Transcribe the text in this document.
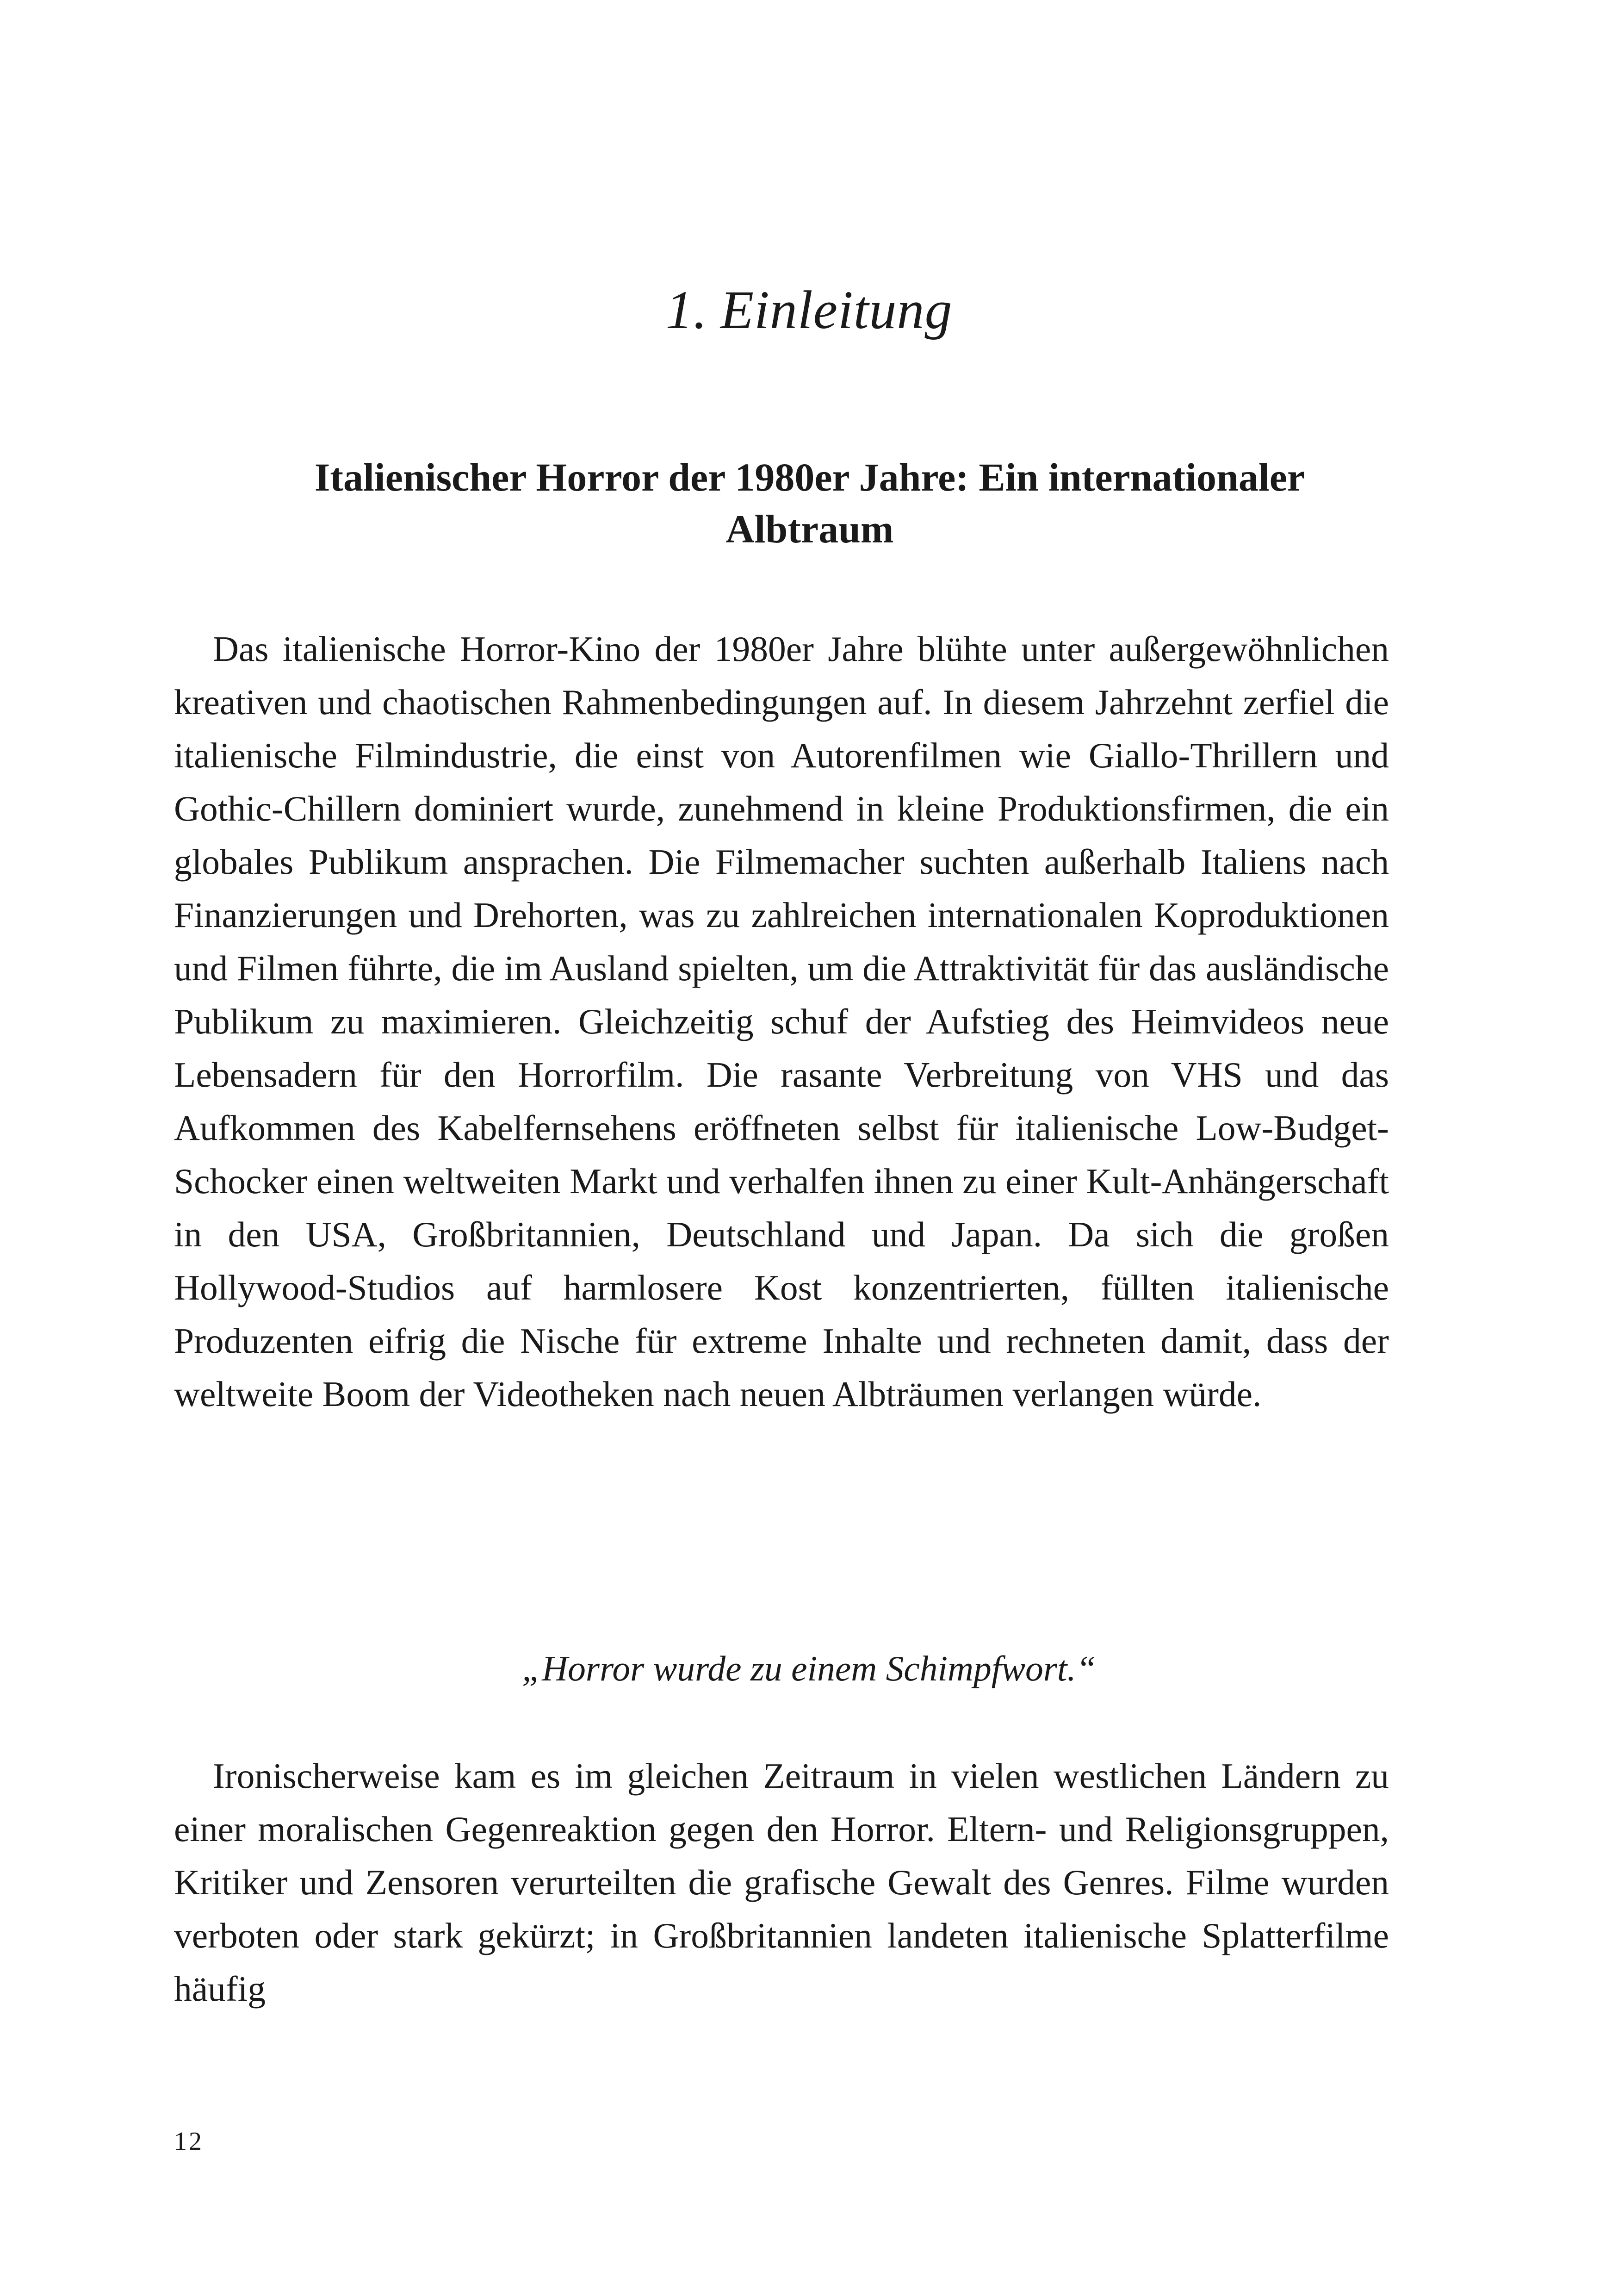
1. Einleitung
Italienischer Horror der 1980er Jahre: Ein internationaler Albtraum

Das italienische Horror-Kino der 1980er Jahre blühte unter außergewöhnlichen kreativen und chaotischen Rahmenbedingungen auf. In diesem Jahrzehnt zerfiel die italienische Filmindustrie, die einst von Autorenfilmen wie Giallo-Thrillern und Gothic-Chillern dominiert wurde, zunehmend in kleine Produktionsfirmen, die ein globales Publikum ansprachen. Die Filmemacher suchten außerhalb Italiens nach Finanzierungen und Drehorten, was zu zahlreichen internationalen Koproduktionen und Filmen führte, die im Ausland spielten, um die Attraktivität für das ausländische Publikum zu maximieren. Gleichzeitig schuf der Aufstieg des Heimvideos neue Lebensadern für den Horrorfilm. Die rasante Verbreitung von VHS und das Aufkommen des Kabelfernsehens eröffneten selbst für italienische Low-Budget-Schocker einen weltweiten Markt und verhalfen ihnen zu einer Kult-Anhängerschaft in den USA, Großbritannien, Deutschland und Japan. Da sich die großen Hollywood-Studios auf harmlosere Kost konzentrierten, füllten italienische Produzenten eifrig die Nische für extreme Inhalte und rechneten damit, dass der weltweite Boom der Videotheken nach neuen Albträumen verlangen würde.

„Horror wurde zu einem Schimpfwort.“

Ironischerweise kam es im gleichen Zeitraum in vielen westlichen Ländern zu einer moralischen Gegenreaktion gegen den Horror. Eltern- und Religionsgruppen, Kritiker und Zensoren verurteilten die grafische Gewalt des Genres. Filme wurden verboten oder stark gekürzt; in Großbritannien landeten italienische Splatterfilme häufig

12
